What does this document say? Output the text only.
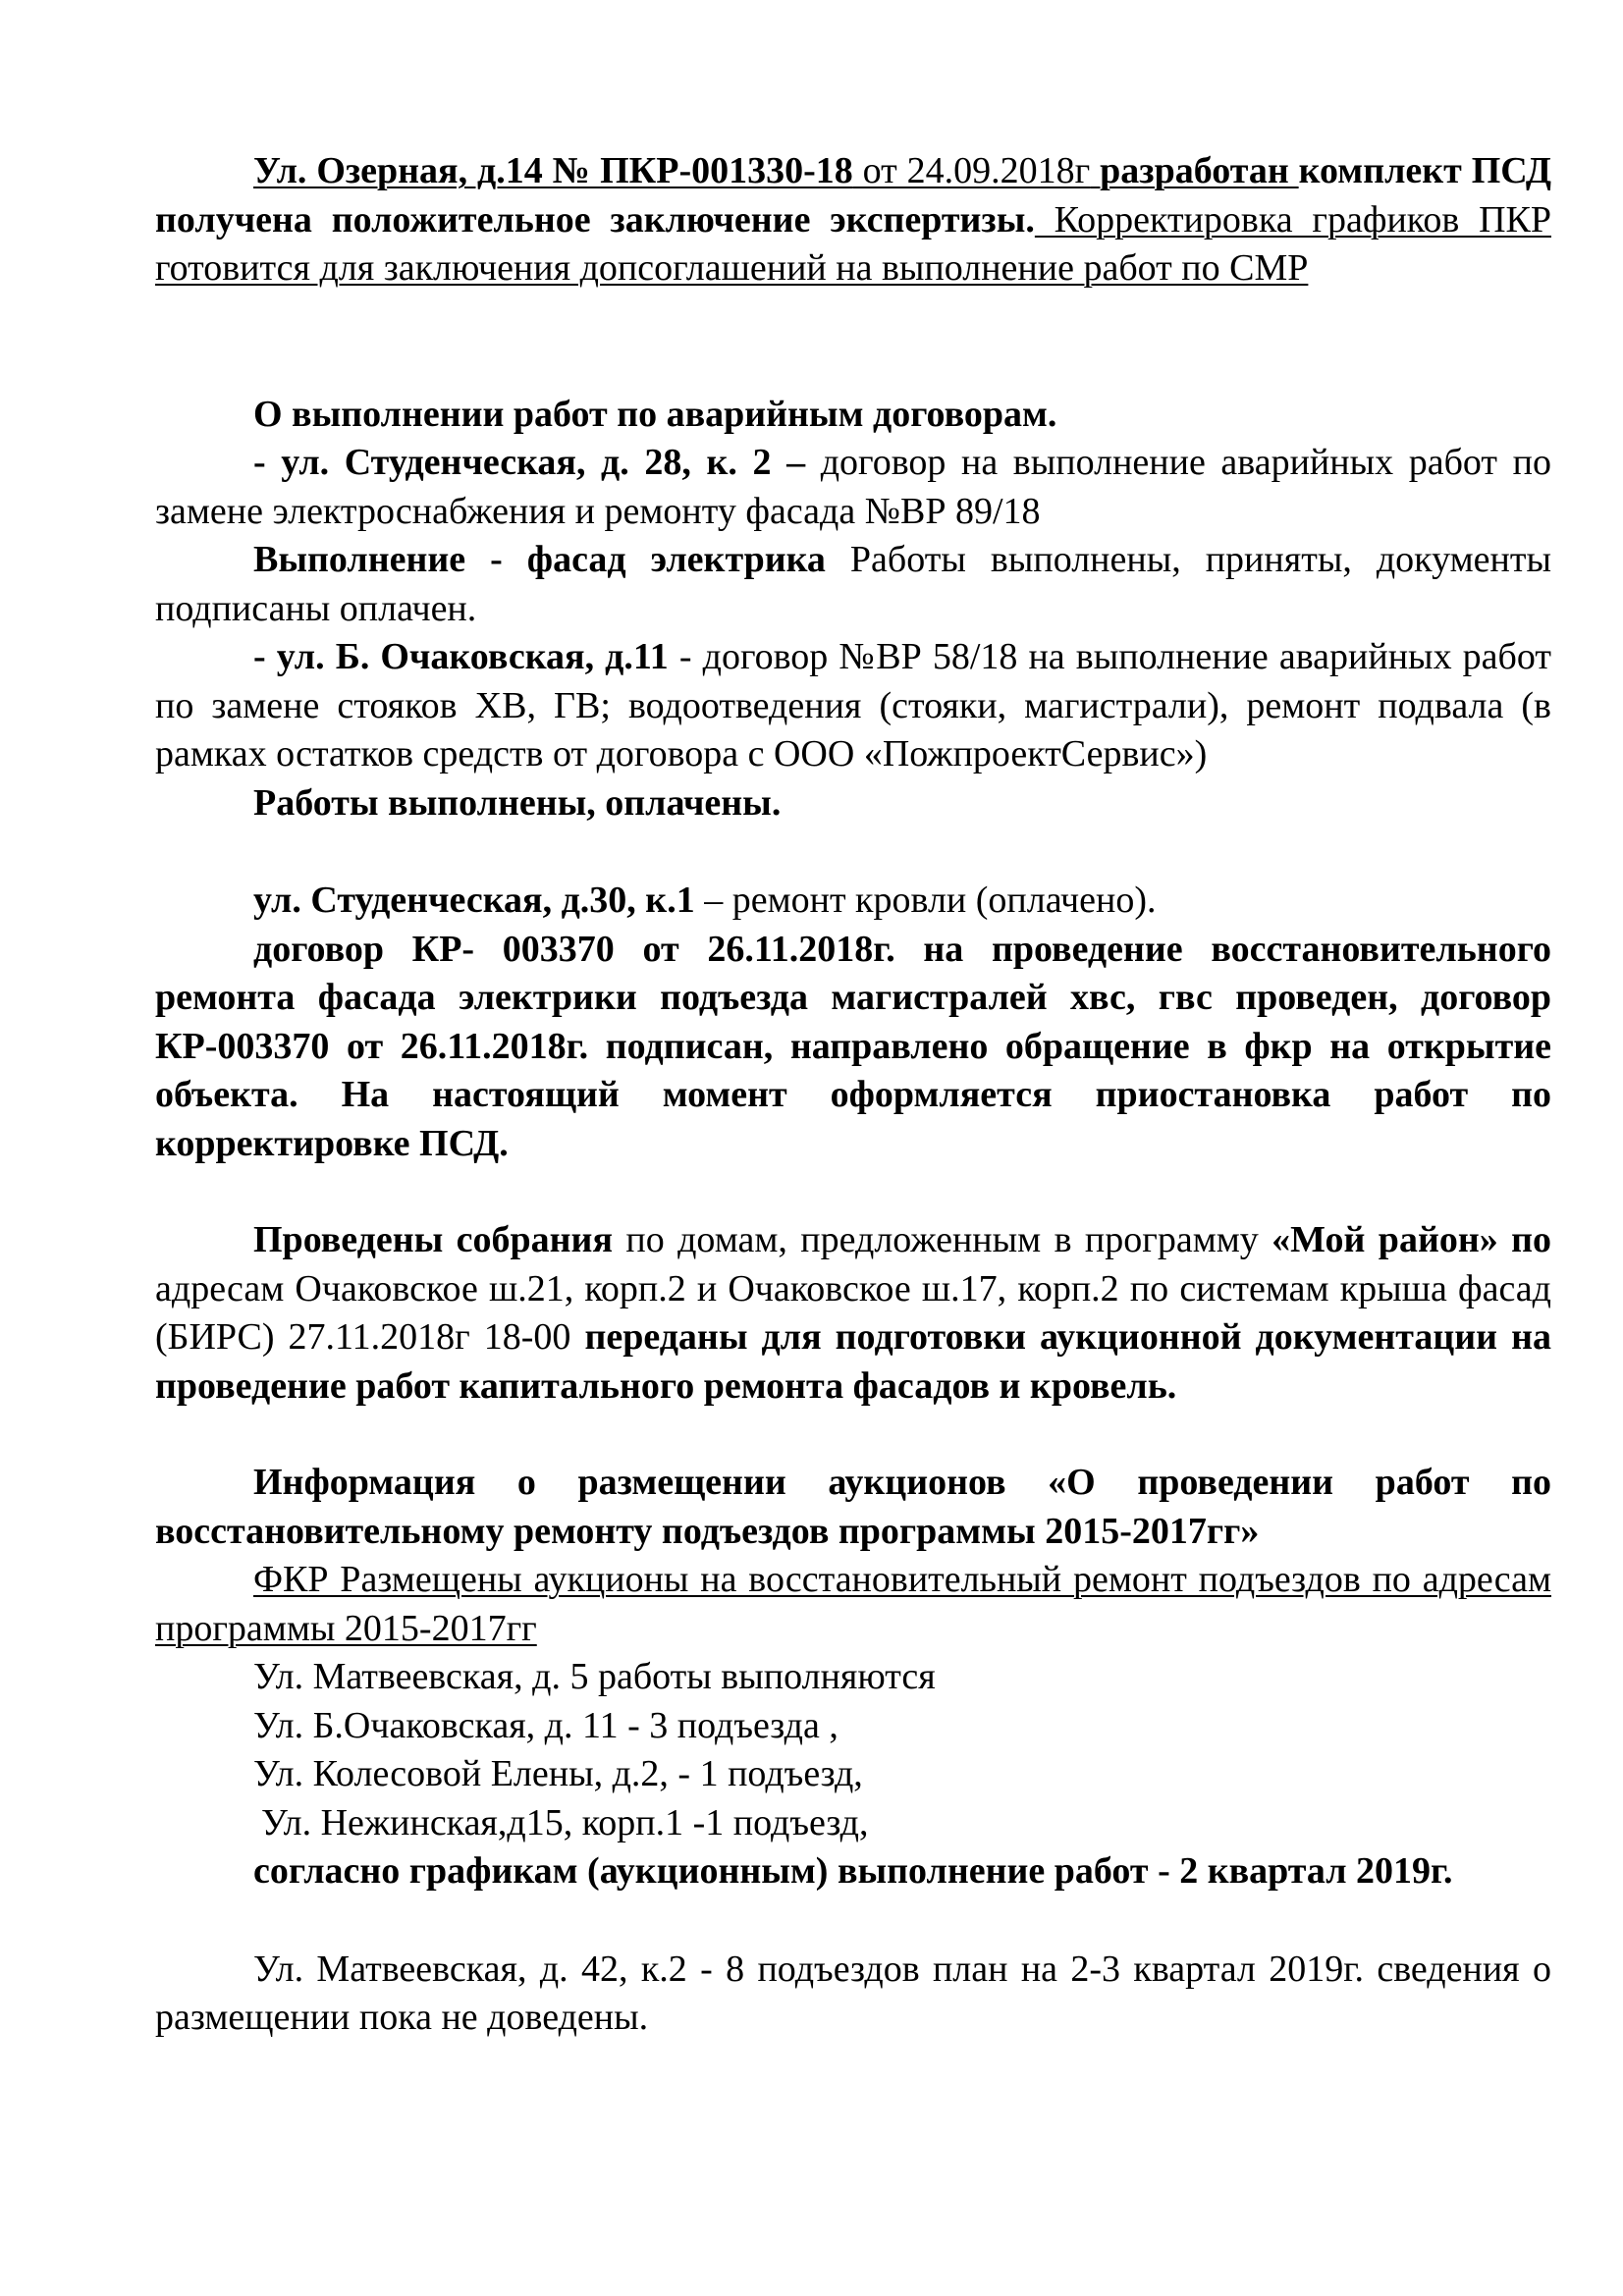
Ул. Озерная, д.14 № ПКР-001330-18 от 24.09.2018г разработан комплект ПСД получена положительное заключение экспертизы. Корректировка графиков ПКР готовится для заключения допсоглашений на выполнение работ по СМР

О выполнении работ по аварийным договорам.

- ул. Студенческая, д. 28, к. 2 – договор на выполнение аварийных работ по замене электроснабжения и ремонту фасада №ВР 89/18

Выполнение - фасад электрика Работы выполнены, приняты, документы подписаны оплачен.

- ул. Б. Очаковская, д.11 - договор №ВР 58/18 на выполнение аварийных работ по замене стояков ХВ, ГВ; водоотведения (стояки, магистрали), ремонт подвала (в рамках остатков средств от договора с ООО «ПожпроектСервис»)

Работы выполнены, оплачены.

ул. Студенческая, д.30, к.1 – ремонт кровли (оплачено).

договор КР- 003370 от 26.11.2018г. на проведение восстановительного ремонта фасада электрики подъезда магистралей хвс, гвс проведен, договор КР-003370 от 26.11.2018г. подписан, направлено обращение в фкр на открытие объекта. На настоящий момент оформляется приостановка работ по корректировке ПСД.

Проведены собрания по домам, предложенным в программу «Мой район» по адресам Очаковское ш.21, корп.2 и Очаковское ш.17, корп.2 по системам крыша фасад (БИРС) 27.11.2018г 18-00 переданы для подготовки аукционной документации на проведение работ капитального ремонта фасадов и кровель.

Информация о размещении аукционов «О проведении работ по восстановительному ремонту подъездов программы 2015-2017гг»

ФКР Размещены аукционы на восстановительный ремонт подъездов по адресам программы 2015-2017гг

Ул. Матвеевская, д. 5 работы выполняются

Ул. Б.Очаковская, д. 11 - 3 подъезда ,

Ул. Колесовой Елены, д.2, - 1 подъезд,

Ул. Нежинская,д15, корп.1 -1 подъезд,

согласно графикам (аукционным) выполнение работ - 2 квартал 2019г.

Ул. Матвеевская, д. 42, к.2 - 8 подъездов план на 2-3 квартал 2019г. сведения о размещении пока не доведены.
